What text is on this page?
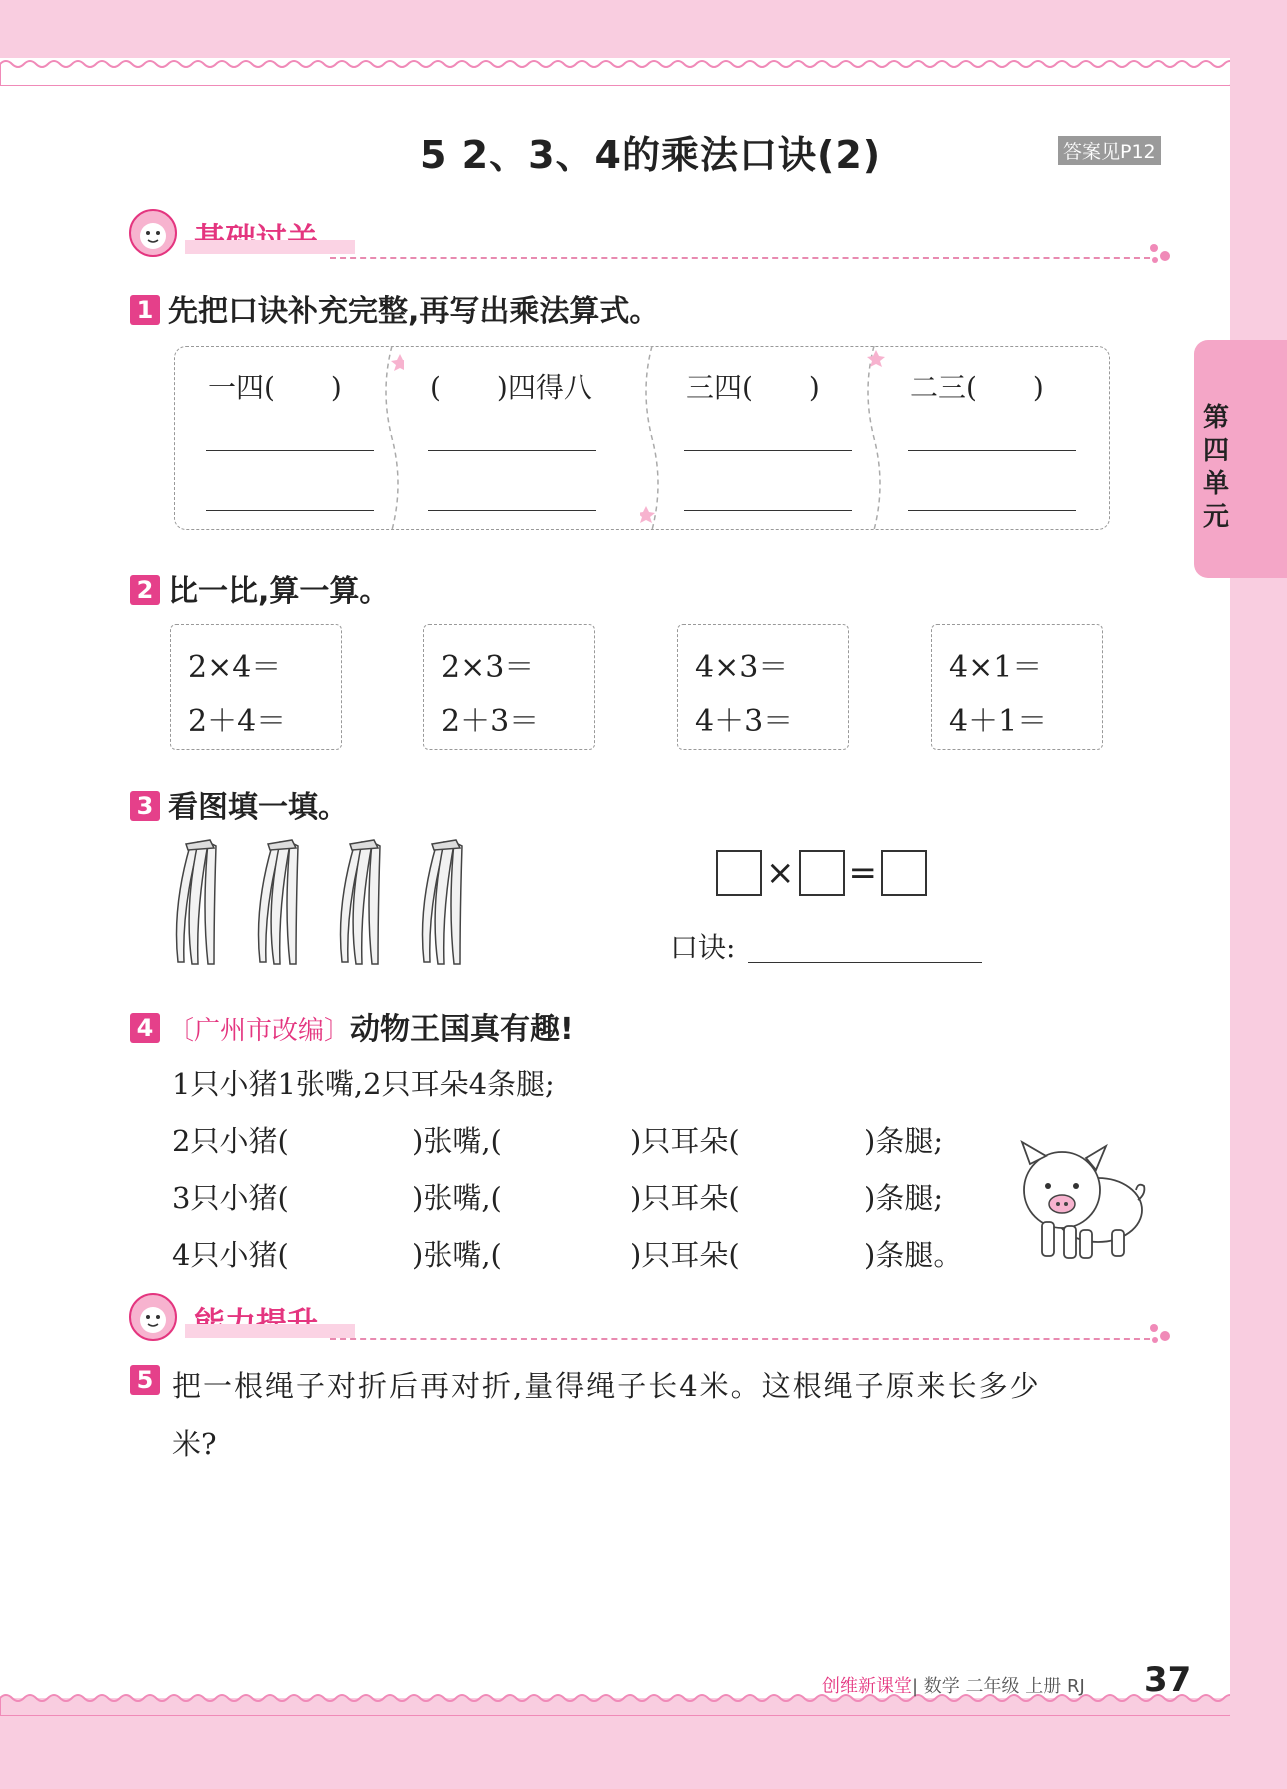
第四单元
5 2、3、4的乘法口诀(2)	答案见P12
1 先把口诀补充完整,再写出乘法算式。
一四(　　)	(　　)四得八	三四(　　)	二三(　　)
2 比一比,算一算。
2×4＝
2＋4＝
2×3＝
2＋3＝
4×3＝
4＋3＝
4×1＝
4＋1＝
3 看图填一填。
× =
口诀:
4 〔广州市改编〕动物王国真有趣!
1只小猪1张嘴,2只耳朵4条腿;
2只小猪(	)张嘴,(	)只耳朵(	)条腿;
3只小猪(	)张嘴,(	)只耳朵(	)条腿;
4只小猪(	)张嘴,(	)只耳朵(	)条腿。
5 把一根绳子对折后再对折,量得绳子长4米。这根绳子原来长多少
米?
创维新课堂| 数学 二年级 上册 RJ 37
